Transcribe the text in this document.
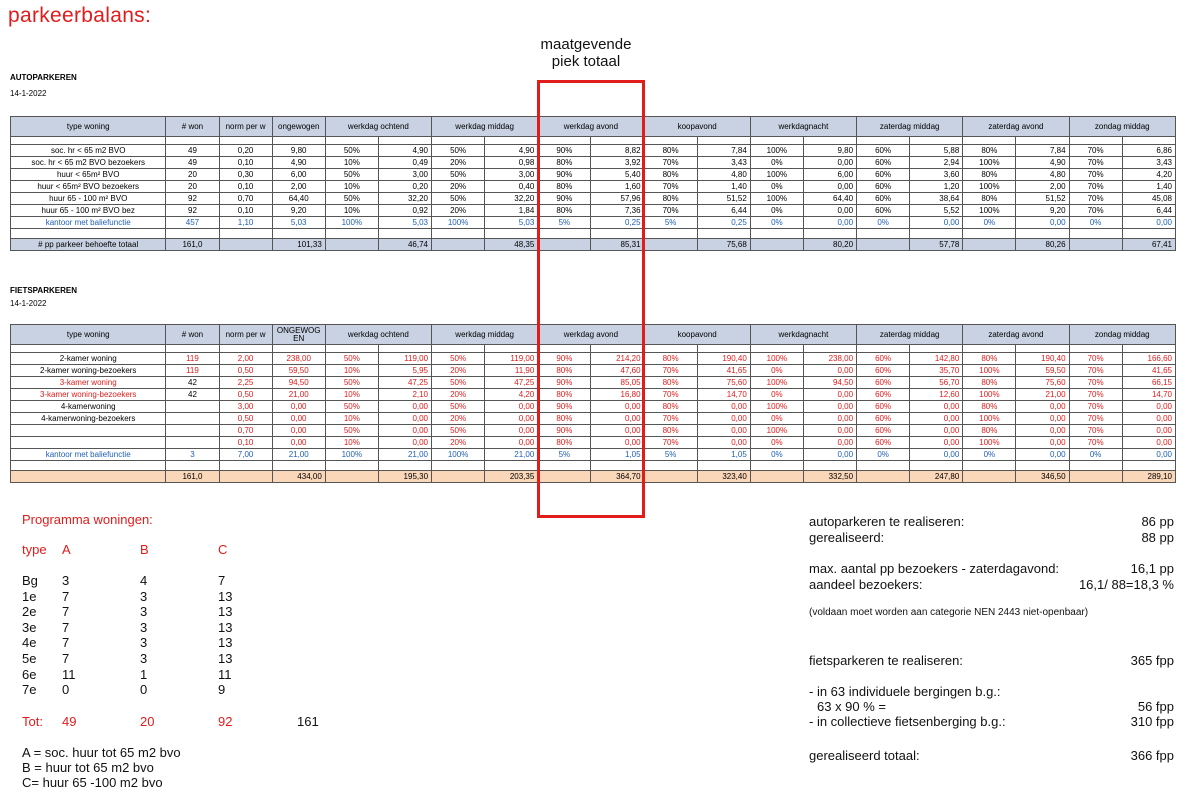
parkeerbalans:
maatgevende
piek totaal
AUTOPARKEREN
14-1-2022
type woning	# won	norm per w	ongewogen	werkdag ochtend		werkdag middag		werkdag avond		koopavond		werkdagnacht		zaterdag middag		zaterdag avond		zondag middag	

soc. hr < 65 m2 BVO	49	0,20	9,80	50%	4,90	50%	4,90	90%	8,82	80%	7,84	100%	9,80	60%	5,88	80%	7,84	70%	6,86
soc. hr < 65 m2 BVO bezoekers	49	0,10	4,90	10%	0,49	20%	0,98	80%	3,92	70%	3,43	0%	0,00	60%	2,94	100%	4,90	70%	3,43
huur < 65m² BVO	20	0,30	6,00	50%	3,00	50%	3,00	90%	5,40	80%	4,80	100%	6,00	60%	3,60	80%	4,80	70%	4,20
huur < 65m² BVO bezoekers	20	0,10	2,00	10%	0,20	20%	0,40	80%	1,60	70%	1,40	0%	0,00	60%	1,20	100%	2,00	70%	1,40
huur 65 - 100 m² BVO	92	0,70	64,40	50%	32,20	50%	32,20	90%	57,96	80%	51,52	100%	64,40	60%	38,64	80%	51,52	70%	45,08
huur 65 - 100 m² BVO bez	92	0,10	9,20	10%	0,92	20%	1,84	80%	7,36	70%	6,44	0%	0,00	60%	5,52	100%	9,20	70%	6,44
kantoor met baliefunctie	457	1,10	5,03	100%	5,03	100%	5,03	5%	0,25	5%	0,25	0%	0,00	0%	0,00	0%	0,00	0%	0,00

# pp parkeer behoefte totaal	161,0		101,33		46,74		48,35		85,31		75,68		80,20		57,78		80,26		67,41
FIETSPARKEREN
14-1-2022
type woning	# won	norm per w	ONGEWOG EN	werkdag ochtend		werkdag middag		werkdag avond		koopavond		werkdagnacht		zaterdag middag		zaterdag avond		zondag middag	

2-kamer woning	119	2,00	238,00	50%	119,00	50%	119,00	90%	214,20	80%	190,40	100%	238,00	60%	142,80	80%	190,40	70%	166,60
2-kamer woning-bezoekers	119	0,50	59,50	10%	5,95	20%	11,90	80%	47,60	70%	41,65	0%	0,00	60%	35,70	100%	59,50	70%	41,65
3-kamer woning	42	2,25	94,50	50%	47,25	50%	47,25	90%	85,05	80%	75,60	100%	94,50	60%	56,70	80%	75,60	70%	66,15
3-kamer woning-bezoekers	42	0,50	21,00	10%	2,10	20%	4,20	80%	16,80	70%	14,70	0%	0,00	60%	12,60	100%	21,00	70%	14,70
4-kamerwoning		3,00	0,00	50%	0,00	50%	0,00	90%	0,00	80%	0,00	100%	0,00	60%	0,00	80%	0,00	70%	0,00
4-kamerwoning-bezoekers		0,50	0,00	10%	0,00	20%	0,00	80%	0,00	70%	0,00	0%	0,00	60%	0,00	100%	0,00	70%	0,00
		0,70	0,00	50%	0,00	50%	0,00	90%	0,00	80%	0,00	100%	0,00	60%	0,00	80%	0,00	70%	0,00
		0,10	0,00	10%	0,00	20%	0,00	80%	0,00	70%	0,00	0%	0,00	60%	0,00	100%	0,00	70%	0,00
kantoor met baliefunctie	3	7,00	21,00	100%	21,00	100%	21,00	5%	1,05	5%	1,05	0%	0,00	0%	0,00	0%	0,00	0%	0,00

	161,0		434,00		195,30		203,35		364,70		323,40		332,50		247,80		346,50		289,10
Programma woningen:
type A	B	C
Bg 3	4	7
1e 7	3	13
2e 7	3	13
3e 7	3	13
4e 7	3	13
5e 7	3	13
6e 11	1	11
7e 0	0	9
Tot: 49	20	92	161
A = soc. huur tot 65 m2 bvo
B = huur tot 65 m2 bvo
C= huur 65 -100 m2 bvo
autoparkeren te realiseren:	86 pp
gerealiseerd:	88 pp
max. aantal pp bezoekers - zaterdagavond:	16,1 pp
aandeel bezoekers:	16,1/ 88=18,3 %
(voldaan moet worden aan categorie NEN 2443 niet-openbaar)
fietsparkeren te realiseren:	365 fpp
- in 63 individuele bergingen b.g.:
63 x 90 % =	56 fpp
- in collectieve fietsenberging b.g.:	310 fpp
gerealiseerd totaal:	366 fpp
